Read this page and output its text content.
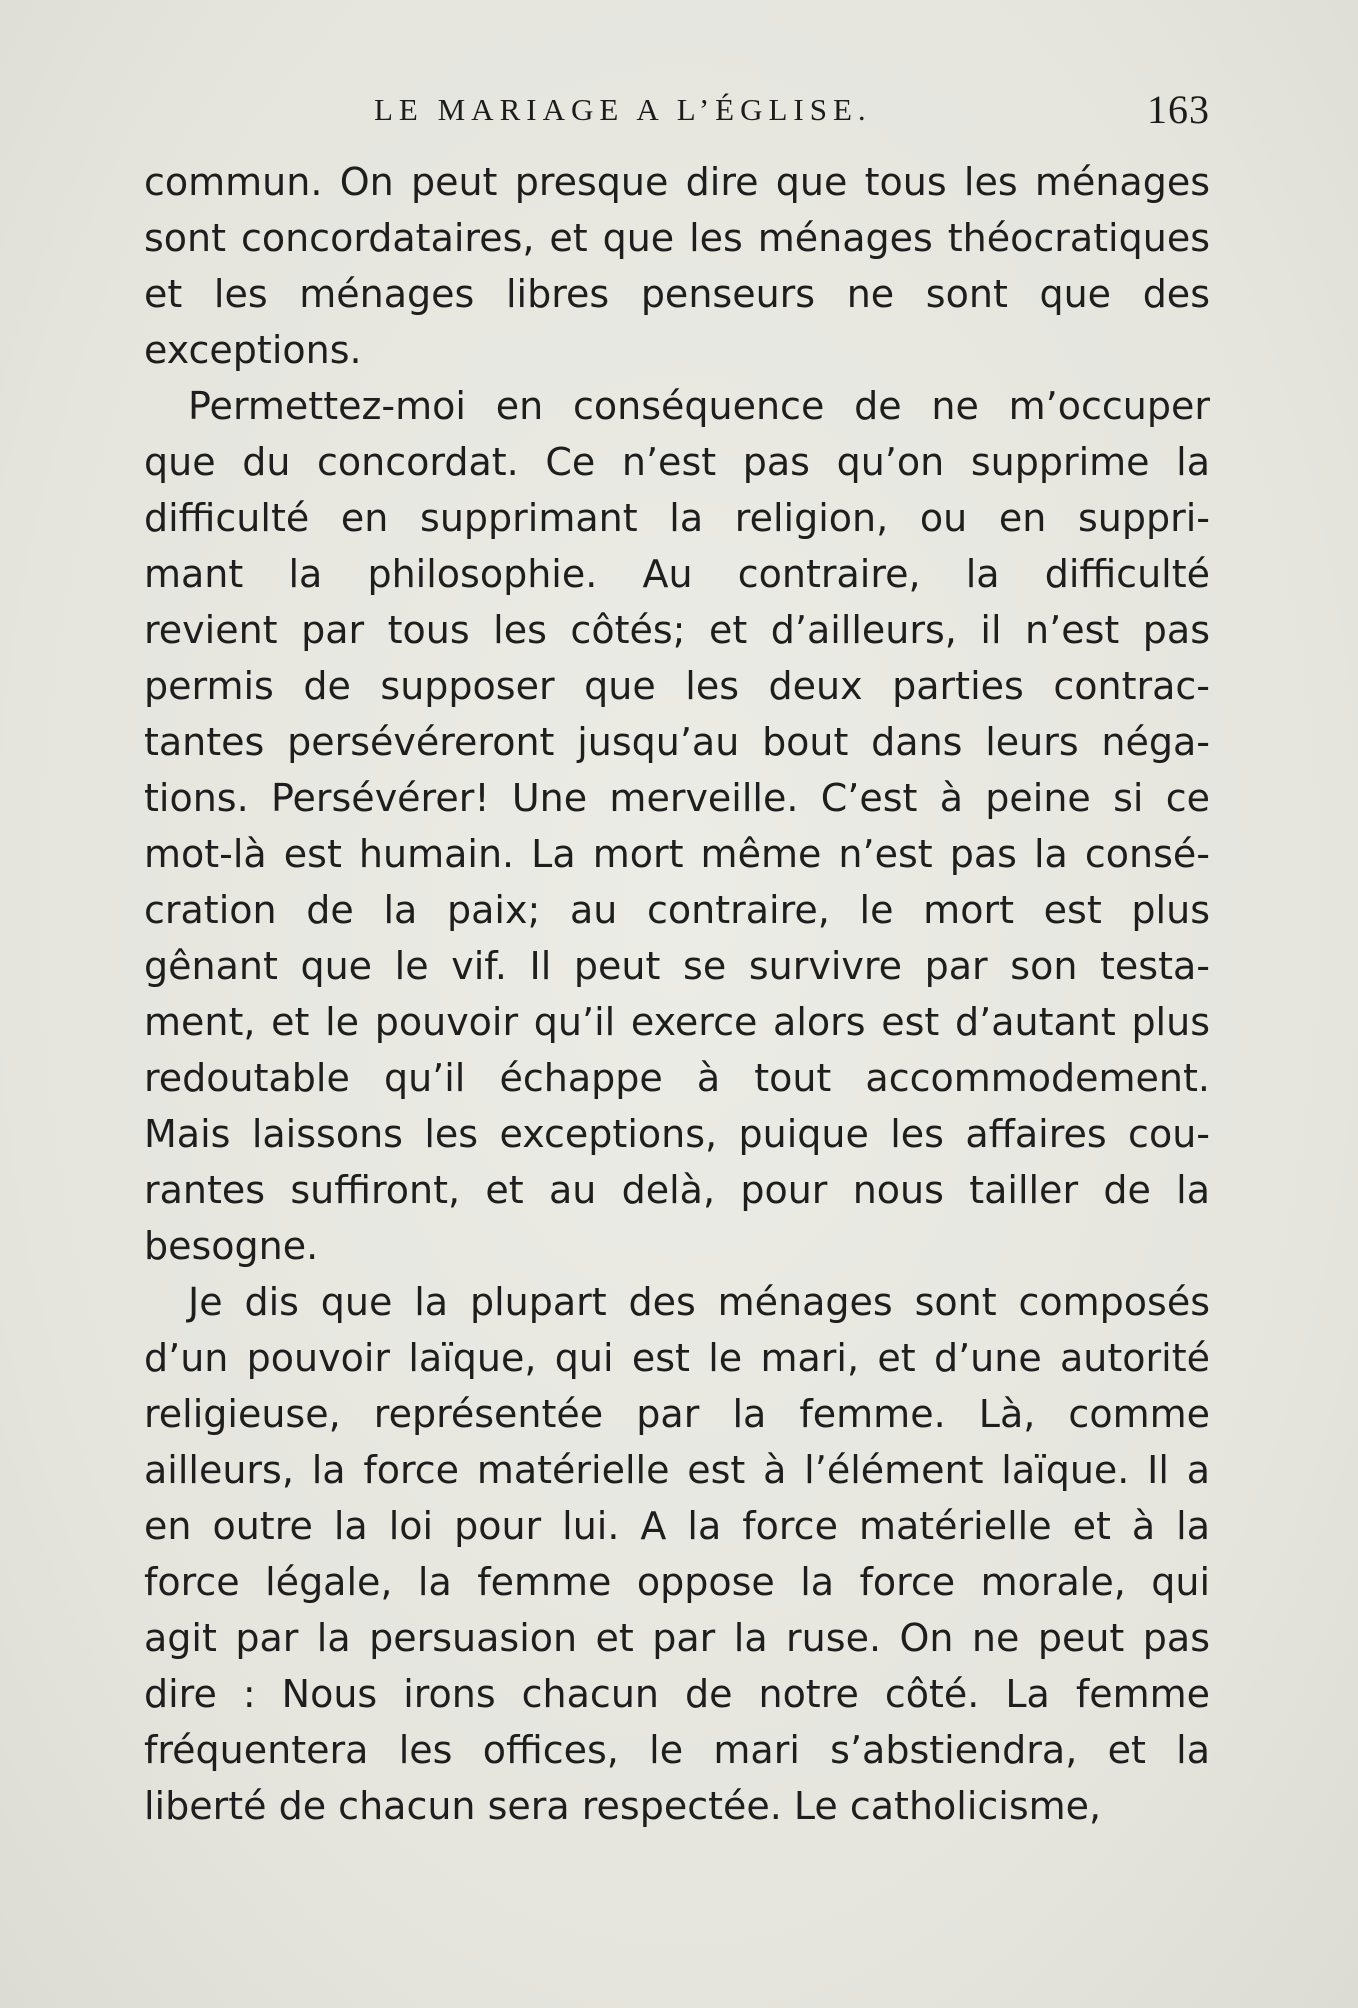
LE MARIAGE A L’ÉGLISE.	163
commun. On peut presque dire que tous les ménages
sont concordataires, et que les ménages théocratiques
et les ménages libres penseurs ne sont que des
exceptions.
Permettez-moi en conséquence de ne m’occuper
que du concordat. Ce n’est pas qu’on supprime la
difficulté en supprimant la religion, ou en suppri-
mant la philosophie. Au contraire, la difficulté
revient par tous les côtés; et d’ailleurs, il n’est pas
permis de supposer que les deux parties contrac-
tantes persévéreront jusqu’au bout dans leurs néga-
tions. Persévérer! Une merveille. C’est à peine si ce
mot-là est humain. La mort même n’est pas la consé-
cration de la paix; au contraire, le mort est plus
gênant que le vif. Il peut se survivre par son testa-
ment, et le pouvoir qu’il exerce alors est d’autant plus
redoutable qu’il échappe à tout accommodement.
Mais laissons les exceptions, puique les affaires cou-
rantes suffiront, et au delà, pour nous tailler de la
besogne.
Je dis que la plupart des ménages sont composés
d’un pouvoir laïque, qui est le mari, et d’une autorité
religieuse, représentée par la femme. Là, comme
ailleurs, la force matérielle est à l’élément laïque. Il a
en outre la loi pour lui. A la force matérielle et à la
force légale, la femme oppose la force morale, qui
agit par la persuasion et par la ruse. On ne peut pas
dire : Nous irons chacun de notre côté. La femme
fréquentera les offices, le mari s’abstiendra, et la
liberté de chacun sera respectée. Le catholicisme,
